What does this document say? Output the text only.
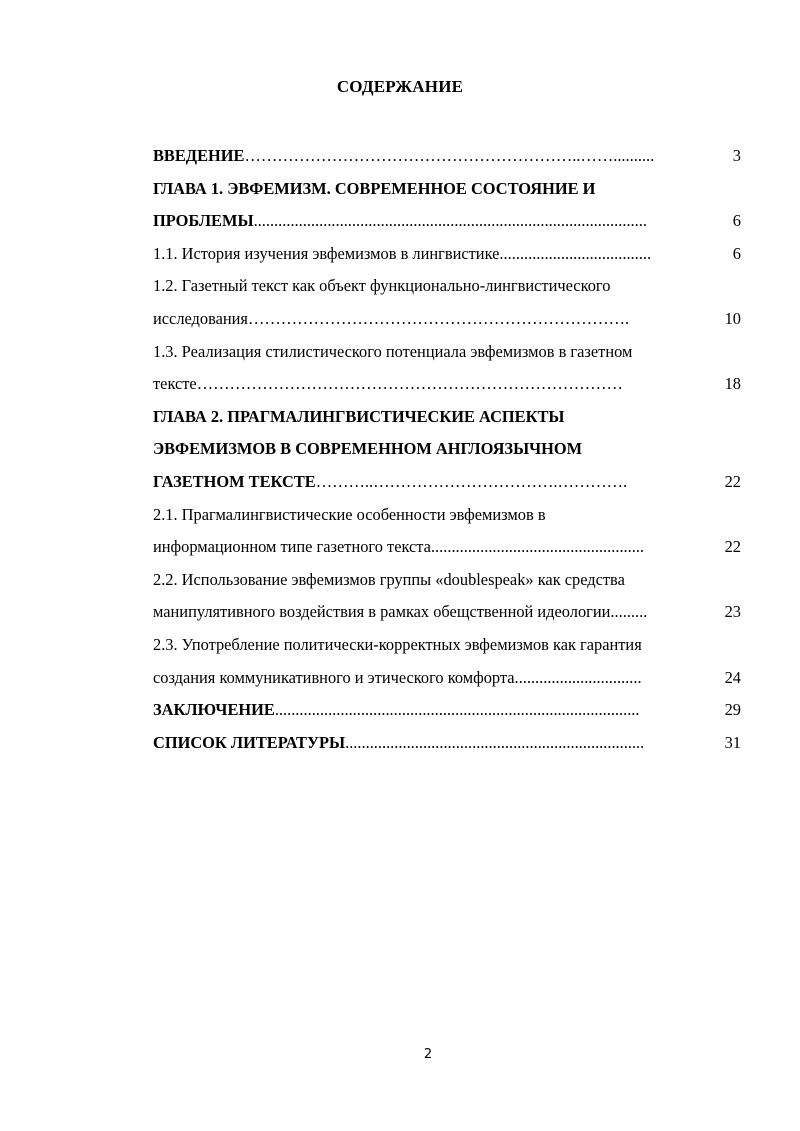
СОДЕРЖАНИЕ
ВВЕДЕНИЕ ……………………………………………………..……..........	3
ГЛАВА 1. ЭВФЕМИЗМ. СОВРЕМЕННОЕ СОСТОЯНИЕ И
ПРОБЛЕМЫ ................................................................................................	6
1.1. История изучения эвфемизмов в лингвистике .....................................	6
1.2. Газетный текст как объект функционально-лингвистического
исследования …………………………………………………………….	10
1.3. Реализация стилистического потенциала эвфемизмов в газетном
тексте ……………………………………………………………………	18
ГЛАВА 2. ПРАГМАЛИНГВИСТИЧЕСКИЕ АСПЕКТЫ
ЭВФЕМИЗМОВ В СОВРЕМЕННОМ АНГЛОЯЗЫЧНОМ
ГАЗЕТНОМ ТЕКСТЕ ………..…………………………….………….	22
2.1. Прагмалингвистические особенности эвфемизмов в
информационном типе газетного текста ....................................................	22
2.2. Использование эвфемизмов группы «doublespeak» как средства
манипулятивного воздействия в рамках обещственной идеологии .........	23
2.3. Употребление политически-корректных эвфемизмов как гарантия
создания коммуникативного и этического комфорта ...............................	24
ЗАКЛЮЧЕНИЕ .........................................................................................	29
СПИСОК ЛИТЕРАТУРЫ .........................................................................	31
2
